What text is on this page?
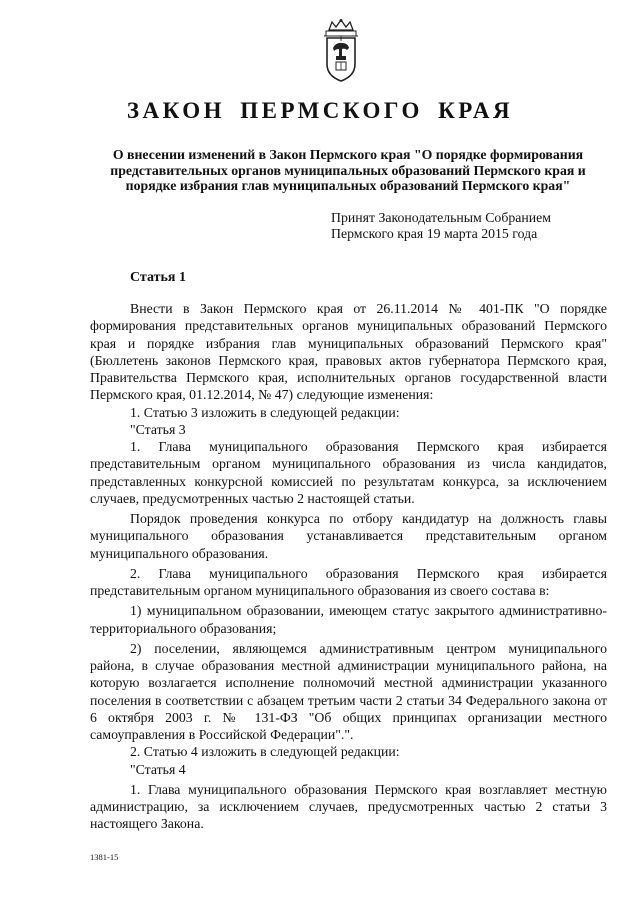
ЗАКОН ПЕРМСКОГО КРАЯ
О внесении изменений в Закон Пермского края "О порядке формирования представительных органов муниципальных образований Пермского края и порядке избрания глав муниципальных образований Пермского края"
Принят Законодательным Собранием
Пермского края 19 марта 2015 года
Статья 1

Внести в Закон Пермского края от 26.11.2014 № 401-ПК "О порядке формирования представительных органов муниципальных образований Пермского края и порядке избрания глав муниципальных образований Пермского края" (Бюллетень законов Пермского края, правовых актов губернатора Пермского края, Правительства Пермского края, исполнительных органов государственной власти Пермского края, 01.12.2014, № 47) следующие изменения:

1. Статью 3 изложить в следующей редакции:

"Статья 3

1. Глава муниципального образования Пермского края избирается представительным органом муниципального образования из числа кандидатов, представленных конкурсной комиссией по результатам конкурса, за исключением случаев, предусмотренных частью 2 настоящей статьи.

Порядок проведения конкурса по отбору кандидатур на должность главы муниципального образования устанавливается представительным органом муниципального образования.

2. Глава муниципального образования Пермского края избирается представительным органом муниципального образования из своего состава в:

1) муниципальном образовании, имеющем статус закрытого административно-территориального образования;

2) поселении, являющемся административным центром муниципального района, в случае образования местной администрации муниципального района, на которую возлагается исполнение полномочий местной администрации указанного поселения в соответствии с абзацем третьим части 2 статьи 34 Федерального закона от 6 октября 2003 г. № 131-ФЗ "Об общих принципах организации местного самоуправления в Российской Федерации".".

2. Статью 4 изложить в следующей редакции:

"Статья 4

1. Глава муниципального образования Пермского края возглавляет местную администрацию, за исключением случаев, предусмотренных частью 2 статьи 3 настоящего Закона.

1381-15
